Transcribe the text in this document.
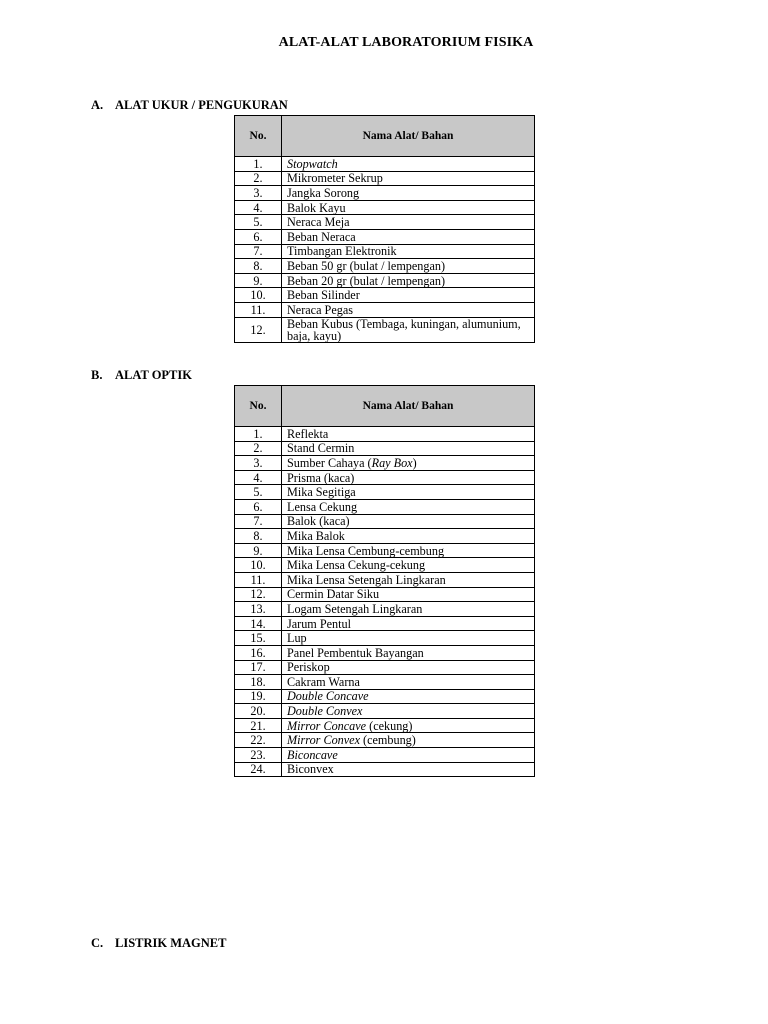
ALAT-ALAT LABORATORIUM FISIKA
A. ALAT UKUR / PENGUKURAN
No.	Nama Alat/ Bahan
1.	Stopwatch
2.	Mikrometer Sekrup
3.	Jangka Sorong
4.	Balok Kayu
5.	Neraca Meja
6.	Beban Neraca
7.	Timbangan Elektronik
8.	Beban 50 gr (bulat / lempengan)
9.	Beban 20 gr (bulat / lempengan)
10.	Beban Silinder
11.	Neraca Pegas
12.	Beban Kubus (Tembaga, kuningan, alumunium, baja, kayu)
B. ALAT OPTIK
No.	Nama Alat/ Bahan
1.	Reflekta
2.	Stand Cermin
3.	Sumber Cahaya (Ray Box)
4.	Prisma (kaca)
5.	Mika Segitiga
6.	Lensa Cekung
7.	Balok (kaca)
8.	Mika Balok
9.	Mika Lensa Cembung-cembung
10.	Mika Lensa Cekung-cekung
11.	Mika Lensa Setengah Lingkaran
12.	Cermin Datar Siku
13.	Logam Setengah Lingkaran
14.	Jarum Pentul
15.	Lup
16.	Panel Pembentuk Bayangan
17.	Periskop
18.	Cakram Warna
19.	Double Concave
20.	Double Convex
21.	Mirror Concave (cekung)
22.	Mirror Convex (cembung)
23.	Biconcave
24.	Biconvex
C. LISTRIK MAGNET
